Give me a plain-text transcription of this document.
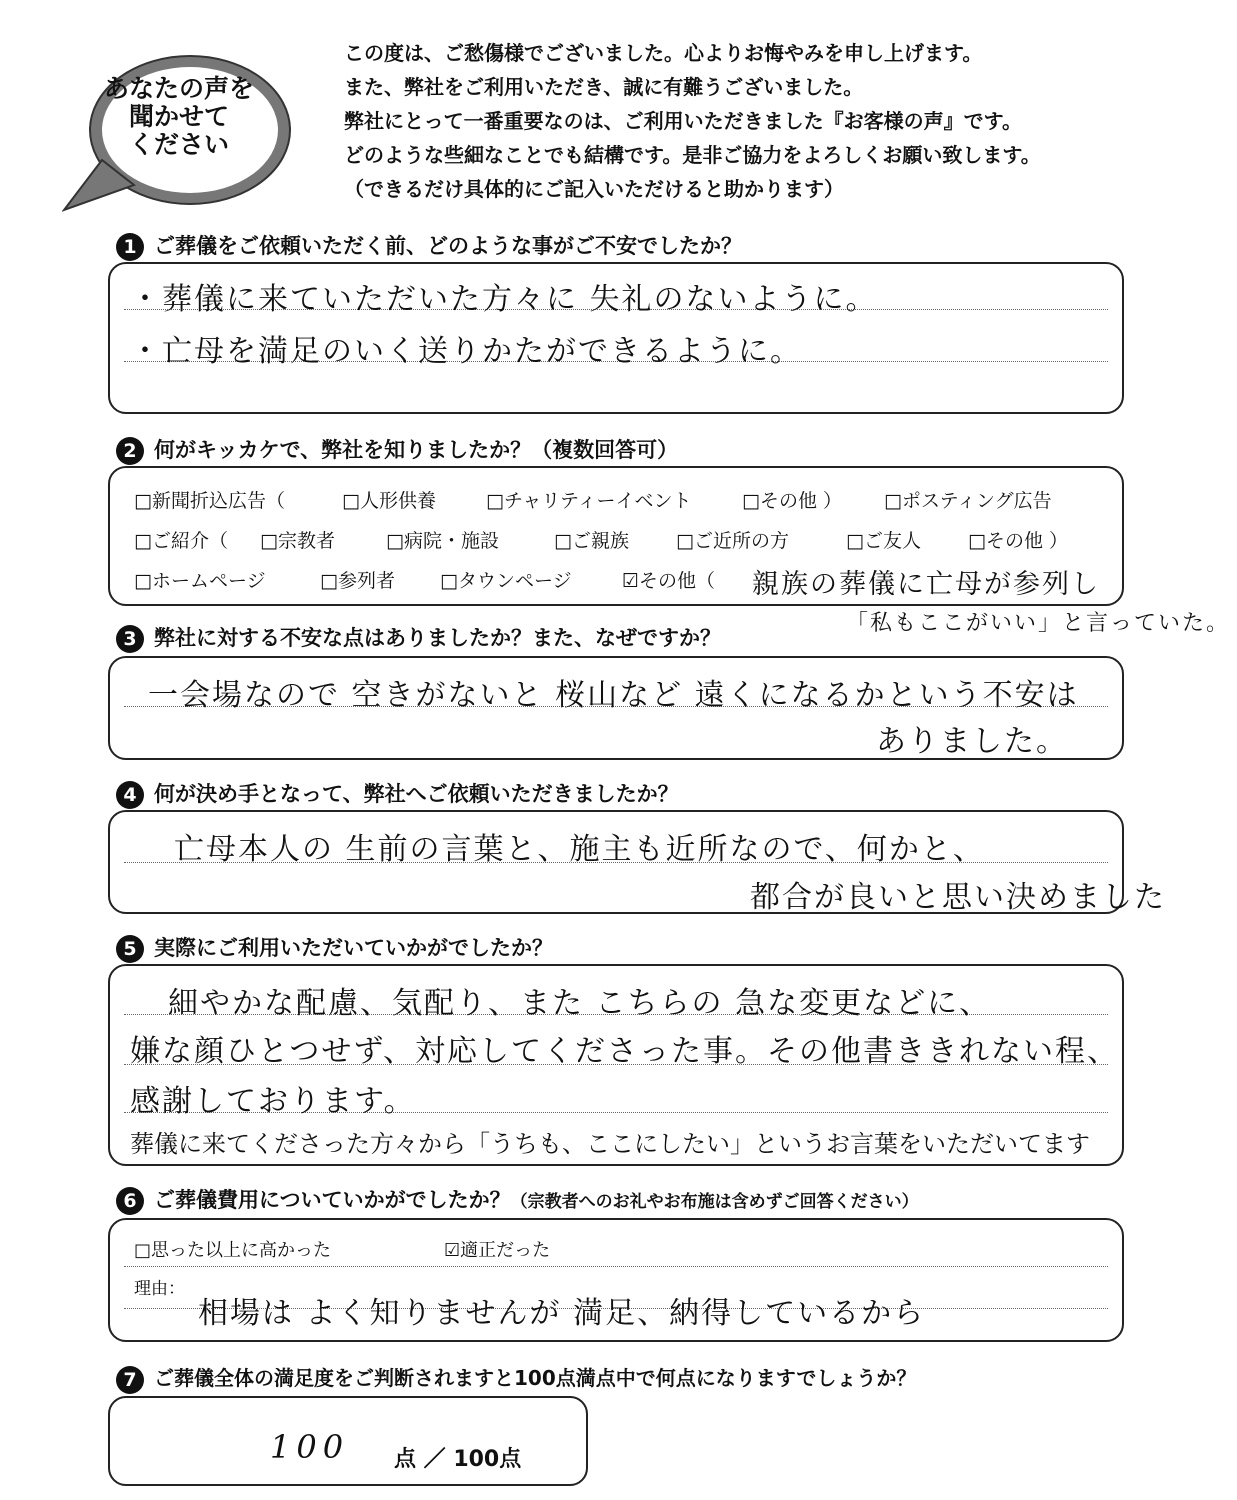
あなたの声を
聞かせて
ください
この度は、ご愁傷様でございました。心よりお悔やみを申し上げます。
また、弊社をご利用いただき、誠に有難うございました。
弊社にとって一番重要なのは、ご利用いただきました『お客様の声』です。
どのような些細なことでも結構です。是非ご協力をよろしくお願い致します。
（できるだけ具体的にご記入いただけると助かります）
1 ご葬儀をご依頼いただく前、どのような事がご不安でしたか？
・葬儀に来ていただいた方々に 失礼のないように。
・亡母を満足のいく送りかたができるように。
2 何がキッカケで、弊社を知りましたか？（複数回答可）
□新聞折込広告（	□人形供養	□チャリティーイベント	□その他 ） □ポスティング広告
□ご紹介（ □宗教者	□病院・施設	□ご親族 □ご近所の方	□ご友人 □その他 ）
□ホームページ	□参列者 □タウンページ	☑その他（ 親族の葬儀に亡母が参列し
「私もここがいい」と言っていた。
3 弊社に対する不安な点はありましたか？また、なぜですか？
一会場なので 空きがないと 桜山など 遠くになるかという不安は
ありました。
4 何が決め手となって、弊社へご依頼いただきましたか？
亡母本人の 生前の言葉と、施主も近所なので、何かと、
都合が良いと思い決めました
5 実際にご利用いただいていかがでしたか？
細やかな配慮、気配り、また こちらの 急な変更などに、
嫌な顔ひとつせず、対応してくださった事。その他書ききれない程、
感謝しております。
葬儀に来てくださった方々から「うちも、ここにしたい」というお言葉をいただいてます
6 ご葬儀費用についていかがでしたか？（宗教者へのお礼やお布施は含めずご回答ください）
□思った以上に高かった	☑適正だった
理由：
相場は よく知りませんが 満足、納得しているから
7 ご葬儀全体の満足度をご判断されますと100点満点中で何点になりますでしょうか？
100 点 ／ 100点
